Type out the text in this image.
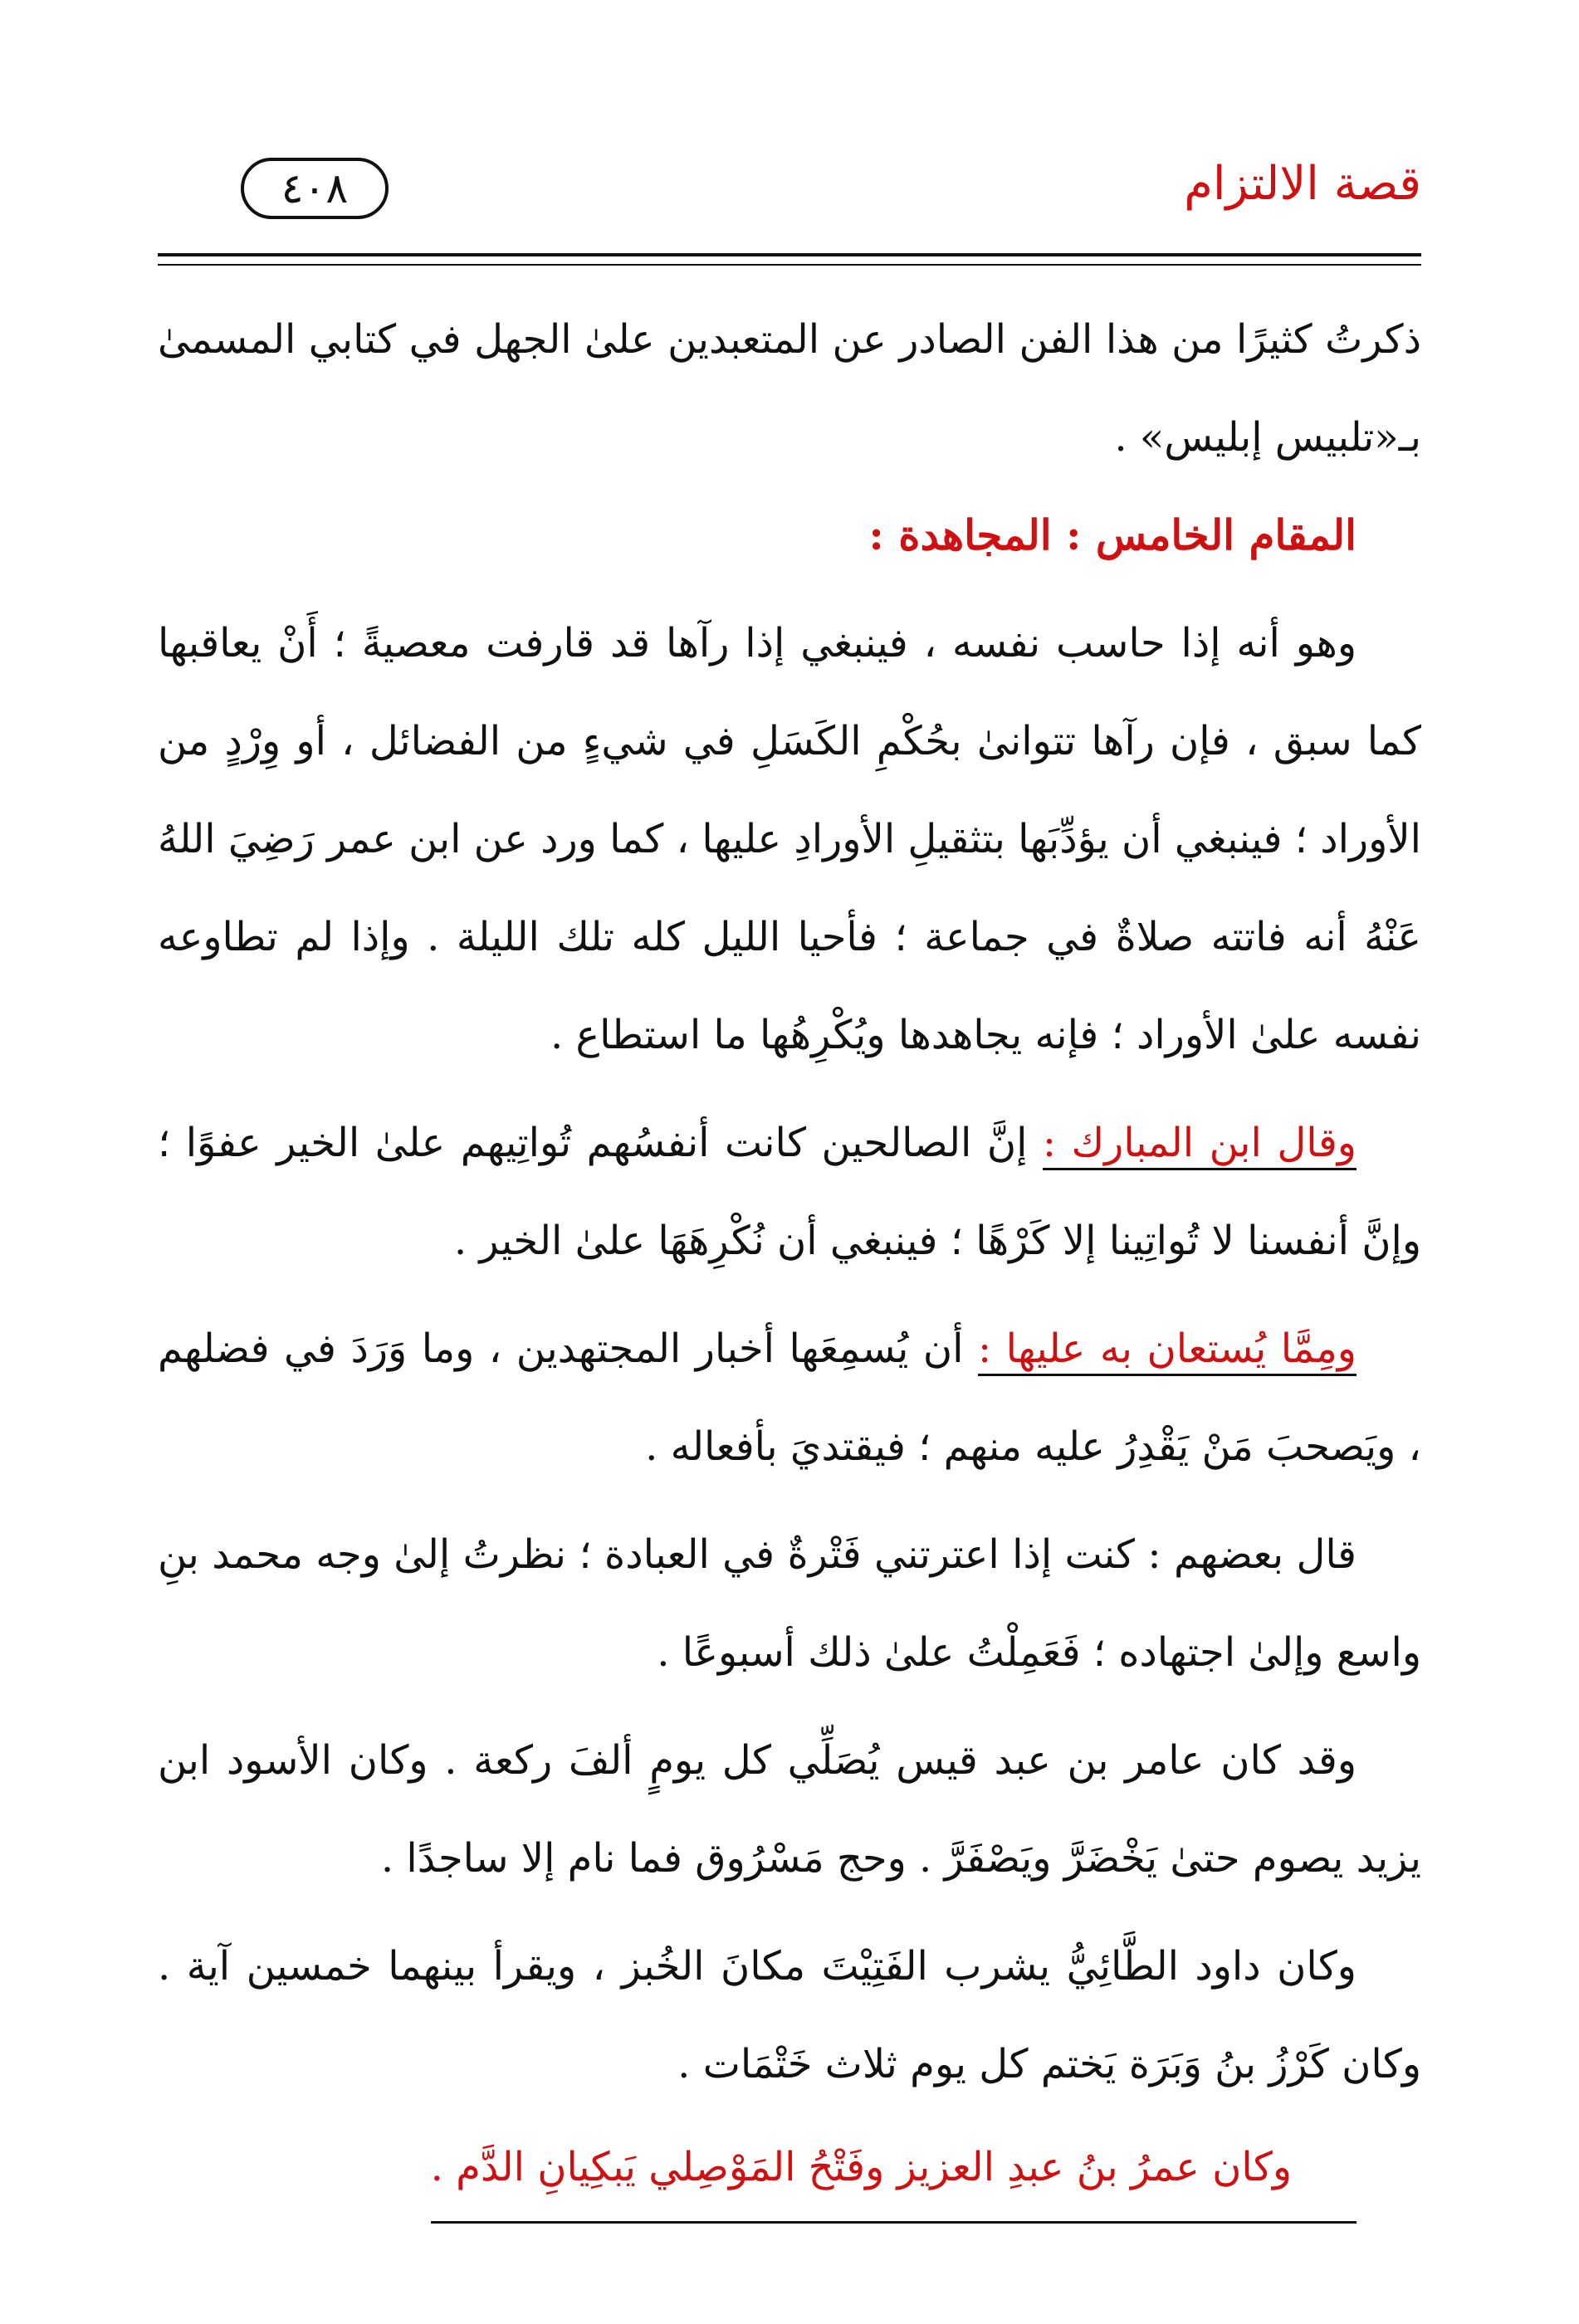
قصة الالتزام
٤٠٨

ذكرتُ كثيرًا من هذا الفن الصادر عن المتعبدين علىٰ الجهل في كتابي المسمىٰ بـ«تلبيس إبليس» .

المقام الخامس : المجاهدة :

وهو أنه إذا حاسب نفسه ، فينبغي إذا رآها قد قارفت معصيةً ؛ أَنْ يعاقبها كما سبق ، فإن رآها تتوانىٰ بحُكْمِ الكَسَلِ في شيءٍ من الفضائل ، أو وِرْدٍ من الأوراد ؛ فينبغي أن يؤدِّبَها بتثقيلِ الأورادِ عليها ، كما ورد عن ابن عمر رَضِيَ اللهُ عَنْهُ أنه فاتته صلاةٌ في جماعة ؛ فأحيا الليل كله تلك الليلة . وإذا لم تطاوعه نفسه علىٰ الأوراد ؛ فإنه يجاهدها ويُكْرِهُها ما استطاع .

وقال ابن المبارك : إنَّ الصالحين كانت أنفسُهم تُواتِيهم علىٰ الخير عفوًا ؛ وإنَّ أنفسنا لا تُواتِينا إلا كَرْهًا ؛ فينبغي أن نُكْرِهَهَا علىٰ الخير .

ومِمَّا يُستعان به عليها : أن يُسمِعَها أخبار المجتهدين ، وما وَرَدَ في فضلهم ، ويَصحبَ مَنْ يَقْدِرُ عليه منهم ؛ فيقتديَ بأفعاله .

قال بعضهم : كنت إذا اعترتني فَتْرةٌ في العبادة ؛ نظرتُ إلىٰ وجه محمد بنِ واسع وإلىٰ اجتهاده ؛ فَعَمِلْتُ علىٰ ذلك أسبوعًا .

وقد كان عامر بن عبد قيس يُصَلِّي كل يومٍ ألفَ ركعة . وكان الأسود ابن يزيد يصوم حتىٰ يَخْضَرَّ ويَصْفَرَّ . وحج مَسْرُوق فما نام إلا ساجدًا .

وكان داود الطَّائِيُّ يشرب الفَتِيْتَ مكانَ الخُبز ، ويقرأ بينهما خمسين آية . وكان كَرْزُ بنُ وَبَرَة يَختم كل يوم ثلاث خَتْمَات .

وكان عمرُ بنُ عبدِ العزيز وفَتْحُ المَوْصِلي يَبكِيانِ الدَّم .
